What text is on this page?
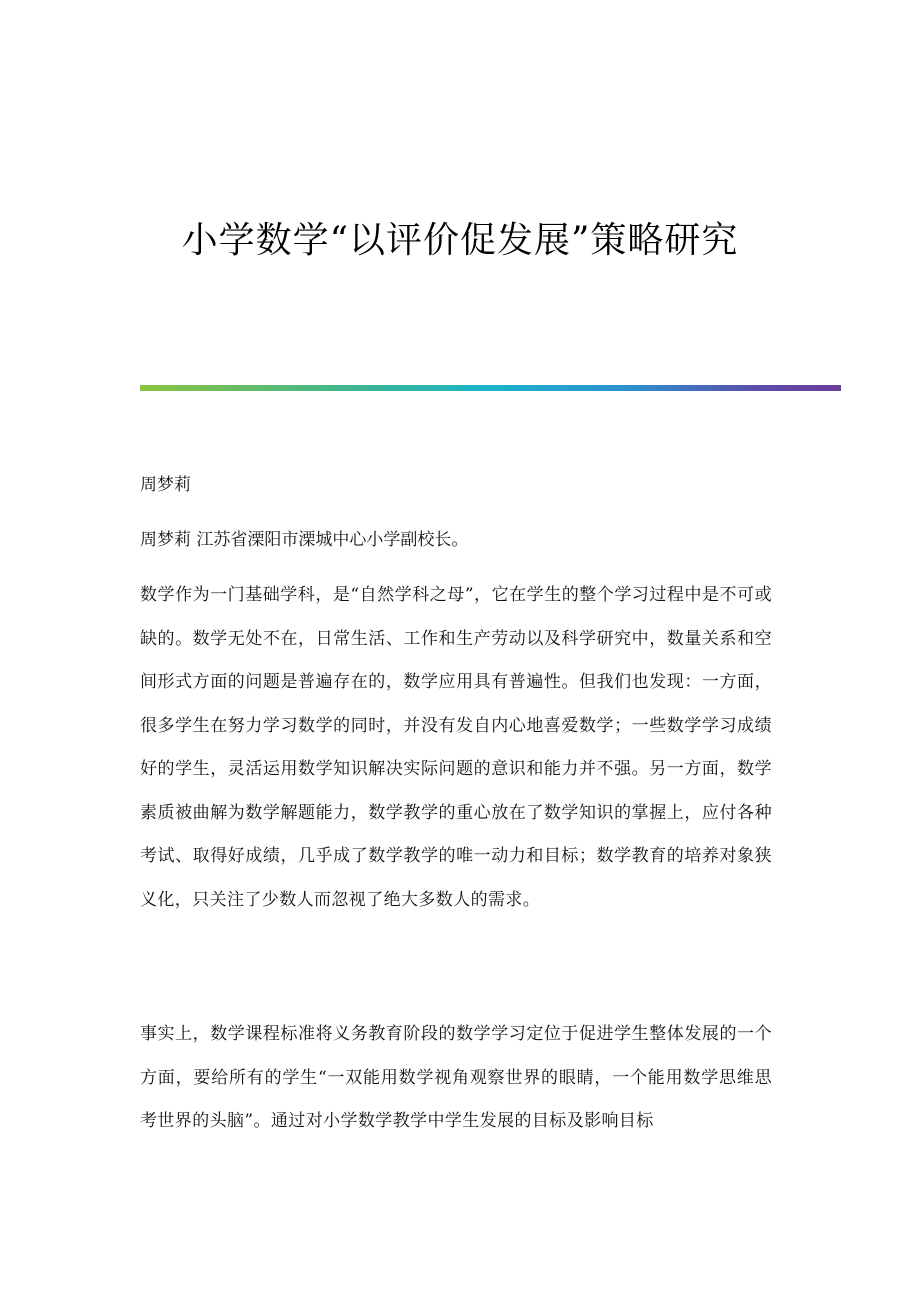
小学数学“以评价促发展”策略研究

周梦莉

周梦莉 江苏省溧阳市溧城中心小学副校长。

数学作为一门基础学科，是“自然学科之母”，它在学生的整个学习过程中是不可或缺的。数学无处不在，日常生活、工作和生产劳动以及科学研究中，数量关系和空间形式方面的问题是普遍存在的，数学应用具有普遍性。但我们也发现：一方面，很多学生在努力学习数学的同时，并没有发自内心地喜爱数学；一些数学学习成绩好的学生，灵活运用数学知识解决实际问题的意识和能力并不强。另一方面，数学素质被曲解为数学解题能力，数学教学的重心放在了数学知识的掌握上，应付各种考试、取得好成绩，几乎成了数学教学的唯一动力和目标；数学教育的培养对象狭义化，只关注了少数人而忽视了绝大多数人的需求。

事实上，数学课程标准将义务教育阶段的数学学习定位于促进学生整体发展的一个方面，要给所有的学生“一双能用数学视角观察世界的眼睛，一个能用数学思维思考世界的头脑”。通过对小学数学教学中学生发展的目标及影响目标
